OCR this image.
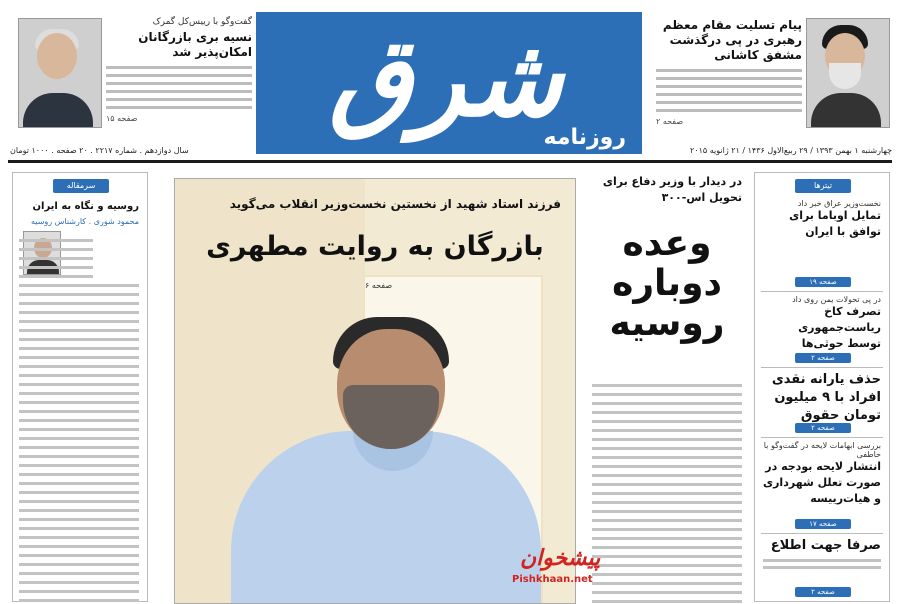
شرق
روزنامه
پیام تسلیت مقام معظم رهبری در پی درگذشت مشفق کاشانی
صفحه ۲
گفت‌وگو با رییس‌کل گمرک
نسیه بری بازرگانان امکان‌پذیر شد
صفحه ۱۵
چهارشنبه ۱ بهمن ۱۳۹۳ / ۲۹ ربیع‌الاول ۱۴۳۶ / ۲۱ ژانویه ۲۰۱۵
سال دوازدهم . شماره ۲۲۱۷ . ۲۰ صفحه . ۱۰۰۰ تومان
سرمقاله
روسیه و نگاه به ایران
محمود شوری . کارشناس روسیه
فرزند استاد شهید از نخستین نخست‌وزیر انقلاب می‌گوید
بازرگان به روایت مطهری
صفحه ۶
در دیدار با وزیر دفاع برای تحویل اس-۳۰۰
وعده دوباره روسیه
تیترها
نخست‌وزیر عراق خبر داد
تمایل اوباما برای توافق با ایران
صفحه ۱۹
در پی تحولات یمن روی داد
تصرف کاخ ریاست‌جمهوری توسط حوثی‌ها
صفحه ۲
حذف یارانه نقدی افراد با ۹ میلیون تومان حقوق
صفحه ۲
بررسی ابهامات لایحه در گفت‌وگو با حاطفی
انتشار لایحه بودجه در صورت تعلل شهرداری و هیات‌رییسه
صفحه ۱۷
صرفا جهت اطلاع
صفحه ۲
پیشخوان
Pishkhaan.net
